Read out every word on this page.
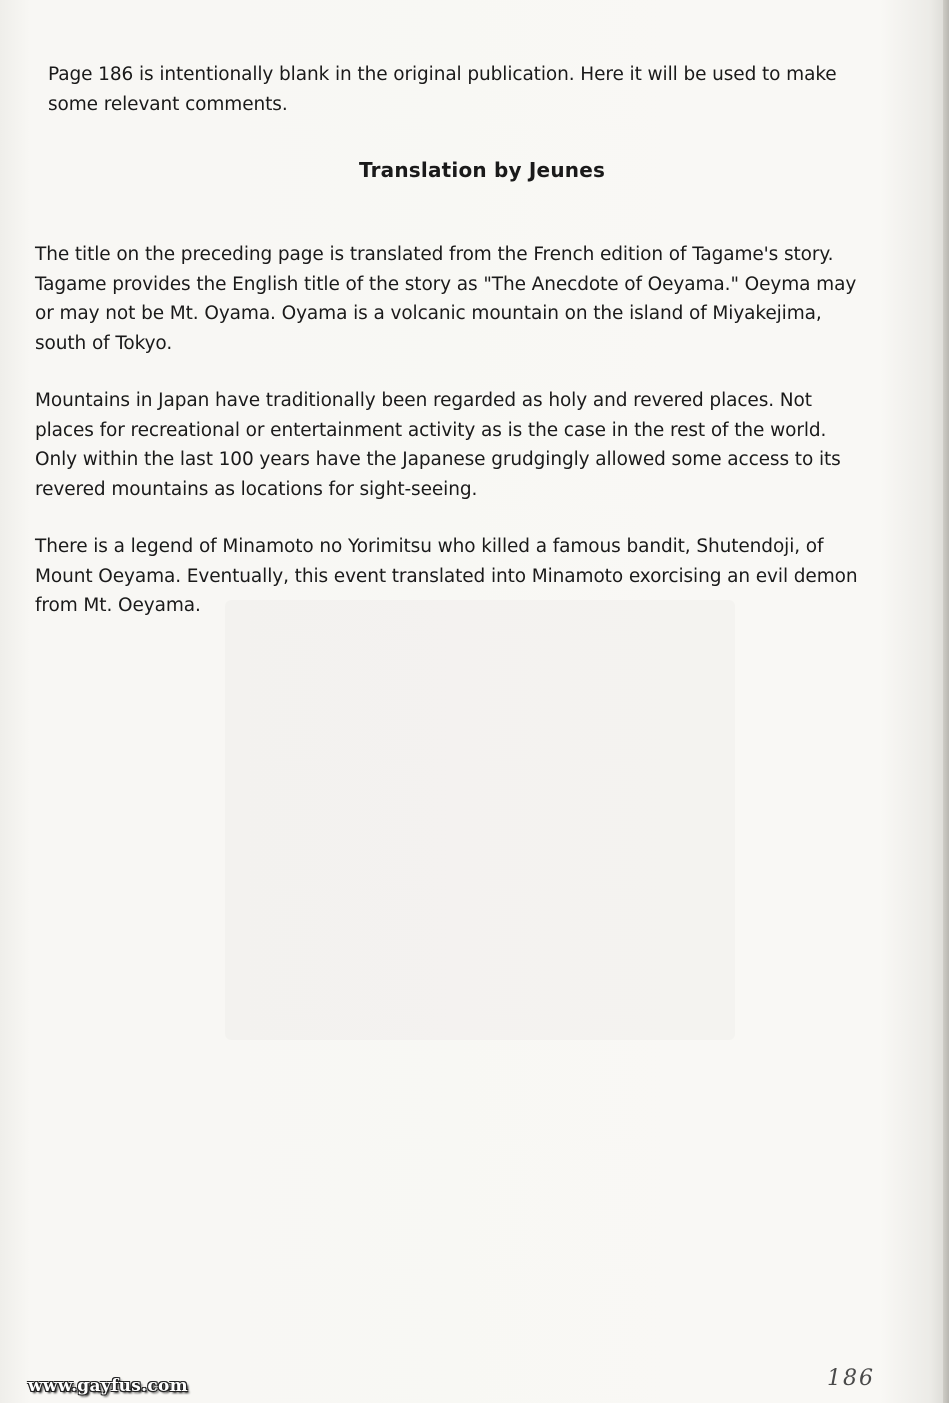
Page 186 is intentionally blank in the original publication. Here it will be used to make
some relevant comments.
Translation by Jeunes
The title on the preceding page is translated from the French edition of Tagame's story.
Tagame provides the English title of the story as "The Anecdote of Oeyama." Oeyma may
or may not be Mt. Oyama. Oyama is a volcanic mountain on the island of Miyakejima,
south of Tokyo.
Mountains in Japan have traditionally been regarded as holy and revered places. Not
places for recreational or entertainment activity as is the case in the rest of the world.
Only within the last 100 years have the Japanese grudgingly allowed some access to its
revered mountains as locations for sight-seeing.
There is a legend of Minamoto no Yorimitsu who killed a famous bandit, Shutendoji, of
Mount Oeyama. Eventually, this event translated into Minamoto exorcising an evil demon
from Mt. Oeyama.
186
www.gayfus.com
